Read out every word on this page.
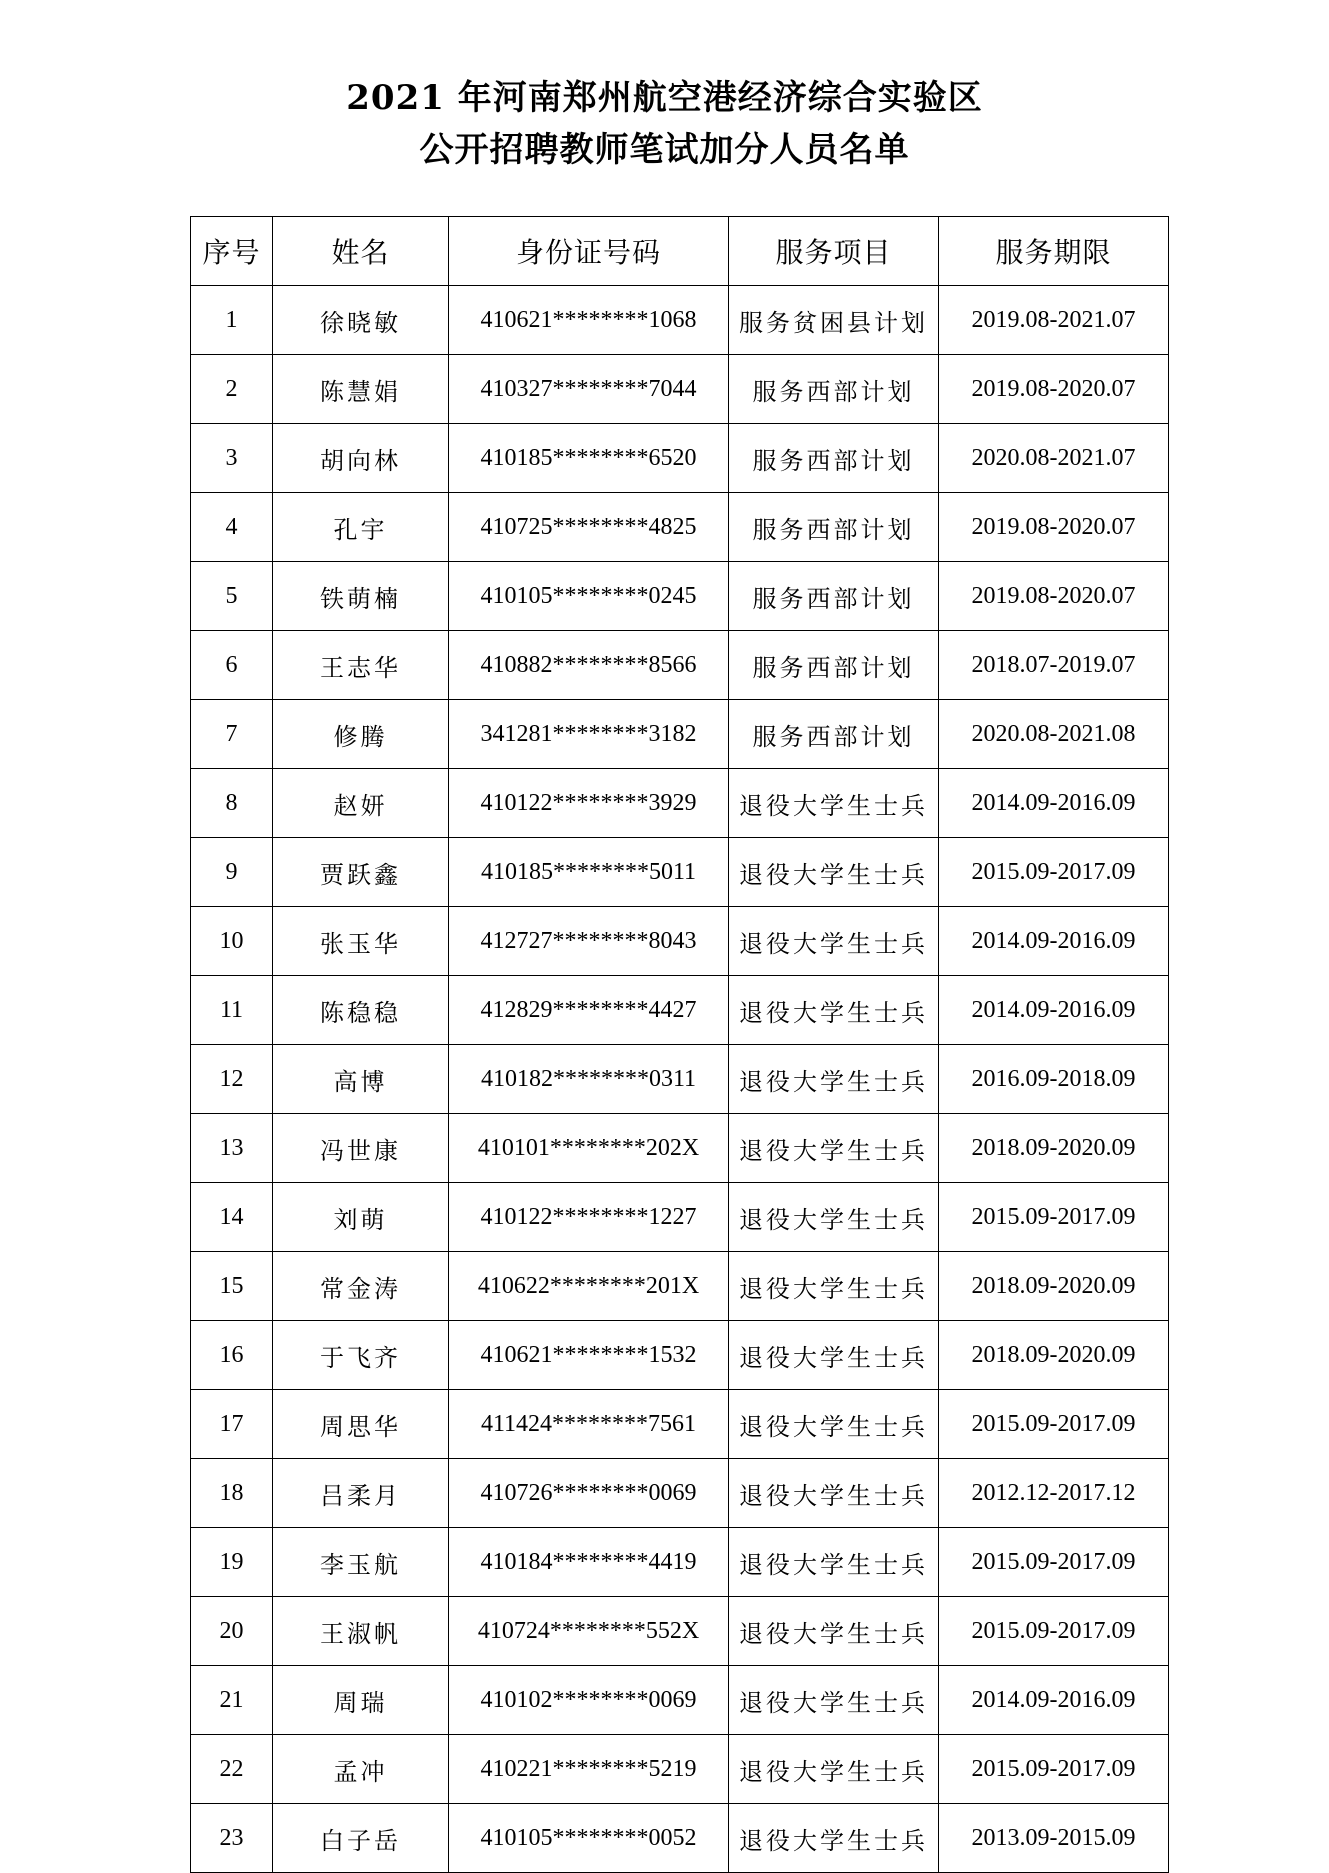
2021 年河南郑州航空港经济综合实验区
公开招聘教师笔试加分人员名单
序号	姓名	身份证号码	服务项目	服务期限
1	徐晓敏	410621********1068	服务贫困县计划	2019.08-2021.07
2	陈慧娟	410327********7044	服务西部计划	2019.08-2020.07
3	胡向林	410185********6520	服务西部计划	2020.08-2021.07
4	孔宇	410725********4825	服务西部计划	2019.08-2020.07
5	铁萌楠	410105********0245	服务西部计划	2019.08-2020.07
6	王志华	410882********8566	服务西部计划	2018.07-2019.07
7	修腾	341281********3182	服务西部计划	2020.08-2021.08
8	赵妍	410122********3929	退役大学生士兵	2014.09-2016.09
9	贾跃鑫	410185********5011	退役大学生士兵	2015.09-2017.09
10	张玉华	412727********8043	退役大学生士兵	2014.09-2016.09
11	陈稳稳	412829********4427	退役大学生士兵	2014.09-2016.09
12	高博	410182********0311	退役大学生士兵	2016.09-2018.09
13	冯世康	410101********202X	退役大学生士兵	2018.09-2020.09
14	刘萌	410122********1227	退役大学生士兵	2015.09-2017.09
15	常金涛	410622********201X	退役大学生士兵	2018.09-2020.09
16	于飞齐	410621********1532	退役大学生士兵	2018.09-2020.09
17	周思华	411424********7561	退役大学生士兵	2015.09-2017.09
18	吕柔月	410726********0069	退役大学生士兵	2012.12-2017.12
19	李玉航	410184********4419	退役大学生士兵	2015.09-2017.09
20	王淑帆	410724********552X	退役大学生士兵	2015.09-2017.09
21	周瑞	410102********0069	退役大学生士兵	2014.09-2016.09
22	孟冲	410221********5219	退役大学生士兵	2015.09-2017.09
23	白子岳	410105********0052	退役大学生士兵	2013.09-2015.09
